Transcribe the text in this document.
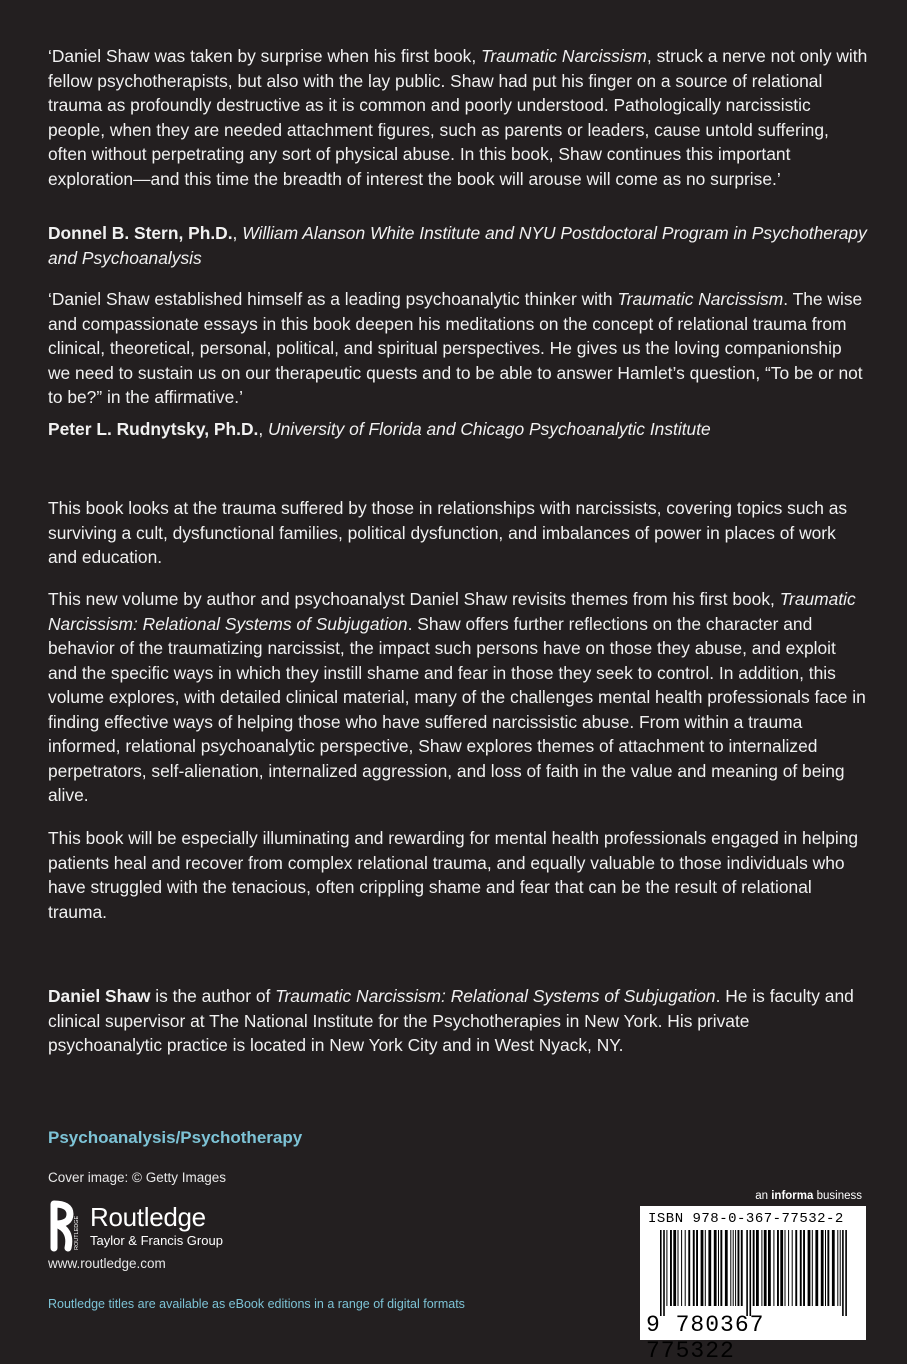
‘Daniel Shaw was taken by surprise when his first book, Traumatic Narcissism, struck a nerve not only with fellow psychotherapists, but also with the lay public. Shaw had put his finger on a source of relational trauma as profoundly destructive as it is common and poorly understood. Pathologically narcissistic people, when they are needed attachment figures, such as parents or leaders, cause untold suffering, often without perpetrating any sort of physical abuse. In this book, Shaw continues this important exploration—and this time the breadth of interest the book will arouse will come as no surprise.’

Donnel B. Stern, Ph.D., William Alanson White Institute and NYU Postdoctoral Program in Psychotherapy and Psychoanalysis

‘Daniel Shaw established himself as a leading psychoanalytic thinker with Traumatic Narcissism. The wise and compassionate essays in this book deepen his meditations on the concept of relational trauma from clinical, theoretical, personal, political, and spiritual perspectives. He gives us the loving companionship we need to sustain us on our therapeutic quests and to be able to answer Hamlet’s question, “To be or not to be?” in the affirmative.’

Peter L. Rudnytsky, Ph.D., University of Florida and Chicago Psychoanalytic Institute

This book looks at the trauma suffered by those in relationships with narcissists, covering topics such as surviving a cult, dysfunctional families, political dysfunction, and imbalances of power in places of work and education.

This new volume by author and psychoanalyst Daniel Shaw revisits themes from his first book, Traumatic Narcissism: Relational Systems of Subjugation. Shaw offers further reflections on the character and behavior of the traumatizing narcissist, the impact such persons have on those they abuse, and exploit and the specific ways in which they instill shame and fear in those they seek to control. In addition, this volume explores, with detailed clinical material, many of the challenges mental health professionals face in finding effective ways of helping those who have suffered narcissistic abuse. From within a trauma informed, relational psychoanalytic perspective, Shaw explores themes of attachment to internalized perpetrators, self-alienation, internalized aggression, and loss of faith in the value and meaning of being alive.

This book will be especially illuminating and rewarding for mental health professionals engaged in helping patients heal and recover from complex relational trauma, and equally valuable to those individuals who have struggled with the tenacious, often crippling shame and fear that can be the result of relational trauma.

Daniel Shaw is the author of Traumatic Narcissism: Relational Systems of Subjugation. He is faculty and clinical supervisor at The National Institute for the Psychotherapies in New York. His private psychoanalytic practice is located in New York City and in West Nyack, NY.

Psychoanalysis/Psychotherapy
Cover image: © Getty Images
ROUTLEDGE Routledge
Taylor & Francis Group
www.routledge.com
Routledge titles are available as eBook editions in a range of digital formats
an informa business
ISBN 978-0-367-77532-2
9 780367 775322
